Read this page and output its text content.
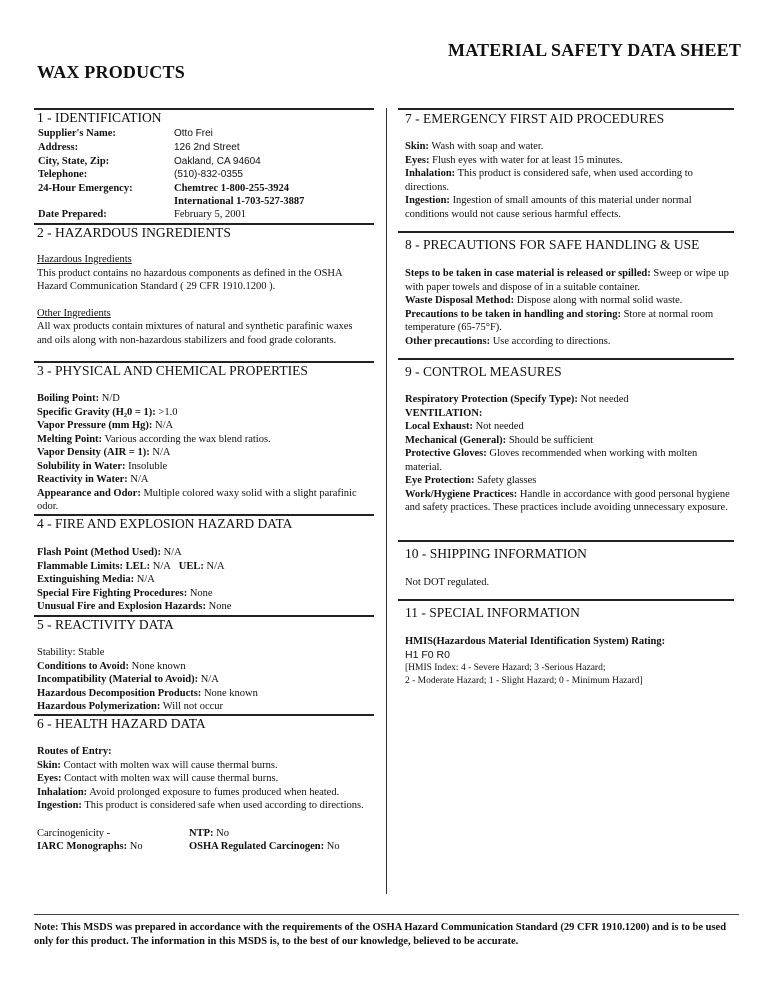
MATERIAL SAFETY DATA SHEET
WAX PRODUCTS
1 - IDENTIFICATION
Supplier's Name:	Otto Frei
Address:	126 2nd Street
City, State, Zip:	Oakland, CA 94604
Telephone:	(510)-832-0355
24-Hour Emergency:	Chemtrec 1-800-255-3924
International 1-703-527-3887
Date Prepared:	February 5, 2001
2 - HAZARDOUS INGREDIENTS

Hazardous Ingredients

This product contains no hazardous components as defined in the OSHA Hazard Communication Standard ( 29 CFR 1910.1200 ).

Other Ingredients

All wax products contain mixtures of natural and synthetic parafinic waxes and oils along with non-hazardous stabilizers and food grade colorants.

3 - PHYSICAL AND CHEMICAL PROPERTIES

Boiling Point: N/D

Specific Gravity (H₂0 = 1): >1.0

Vapor Pressure (mm Hg): N/A

Melting Point: Various according the wax blend ratios.

Vapor Density (AIR = 1): N/A

Solubility in Water: Insoluble

Reactivity in Water: N/A

Appearance and Odor: Multiple colored waxy solid with a slight parafinic odor.

4 - FIRE AND EXPLOSION HAZARD DATA

Flash Point (Method Used): N/A

Flammable Limits: LEL: N/A UEL: N/A

Extinguishing Media: N/A

Special Fire Fighting Procedures: None

Unusual Fire and Explosion Hazards: None

5 - REACTIVITY DATA

Stability: Stable

Conditions to Avoid: None known

Incompatibility (Material to Avoid): N/A

Hazardous Decomposition Products: None known

Hazardous Polymerization: Will not occur

6 - HEALTH HAZARD DATA

Routes of Entry:

Skin: Contact with molten wax will cause thermal burns.

Eyes: Contact with molten wax will cause thermal burns.

Inhalation: Avoid prolonged exposure to fumes produced when heated.

Ingestion: This product is considered safe when used according to directions.

Carcinogenicity -	NTP: No
IARC Monographs: No	OSHA Regulated Carcinogen: No
7 - EMERGENCY FIRST AID PROCEDURES

Skin: Wash with soap and water.

Eyes: Flush eyes with water for at least 15 minutes.

Inhalation: This product is considered safe, when used according to directions.

Ingestion: Ingestion of small amounts of this material under normal conditions would not cause serious harmful effects.

8 - PRECAUTIONS FOR SAFE HANDLING & USE

Steps to be taken in case material is released or spilled: Sweep or wipe up with paper towels and dispose of in a suitable container.

Waste Disposal Method: Dispose along with normal solid waste.

Precautions to be taken in handling and storing: Store at normal room temperature (65-75°F).

Other precautions: Use according to directions.

9 - CONTROL MEASURES

Respiratory Protection (Specify Type): Not needed

VENTILATION:

Local Exhaust: Not needed

Mechanical (General): Should be sufficient

Protective Gloves: Gloves recommended when working with molten material.

Eye Protection: Safety glasses

Work/Hygiene Practices: Handle in accordance with good personal hygiene and safety practices. These practices include avoiding unnecessary exposure.

10 - SHIPPING INFORMATION
Not DOT regulated.
11 - SPECIAL INFORMATION

HMIS(Hazardous Material Identification System) Rating:

H1 F0 R0

[HMIS Index: 4 - Severe Hazard; 3 -Serious Hazard;

2 - Moderate Hazard; 1 - Slight Hazard; 0 - Minimum Hazard]

Note: This MSDS was prepared in accordance with the requirements of the OSHA Hazard Communication Standard (29 CFR 1910.1200) and is to be used only for this product. The information in this MSDS is, to the best of our knowledge, believed to be accurate.
